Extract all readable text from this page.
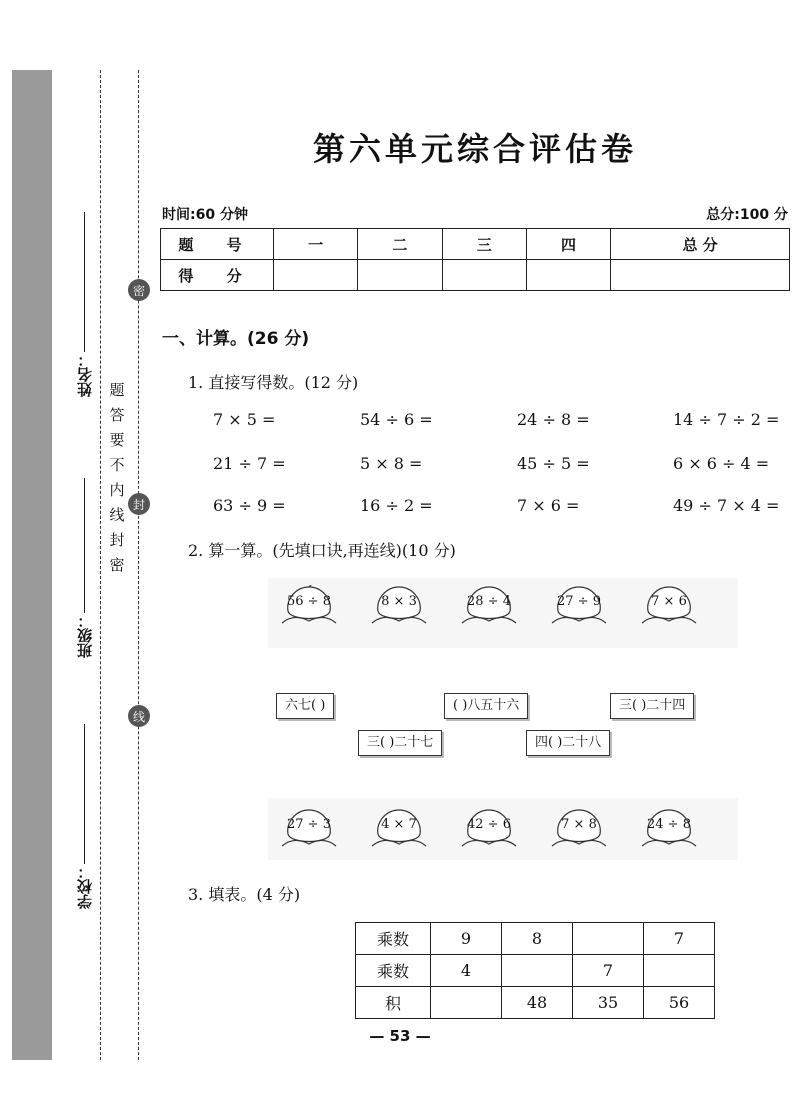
姓名：
班级：
学校：
题
答
要
不
内
线
封
密
密
封
线
第六单元综合评估卷
时间:60 分钟	总分:100 分
题 号	一	二	三	四	总 分
得 分					
一、计算。(26 分)
1. 直接写得数。(12 分)
7 × 5 =	54 ÷ 6 =	24 ÷ 8 =	14 ÷ 7 ÷ 2 =
21 ÷ 7 =	5 × 8 =	45 ÷ 5 =	6 × 6 ÷ 4 =
63 ÷ 9 =	16 ÷ 2 =	7 × 6 =	49 ÷ 7 × 4 =
2. 算一算。(先填口诀,再连线)(10 分)
56 ÷ 8	8 × 3	28 ÷ 4	27 ÷ 9	7 × 6
六七( )	( )八五十六	三( )二十四
三( )二十七	四( )二十八
27 ÷ 3	4 × 7	42 ÷ 6	7 × 8	24 ÷ 8
3. 填表。(4 分)
乘数	9	8		7
乘数	4		7	
积		48	35	56
— 53 —
